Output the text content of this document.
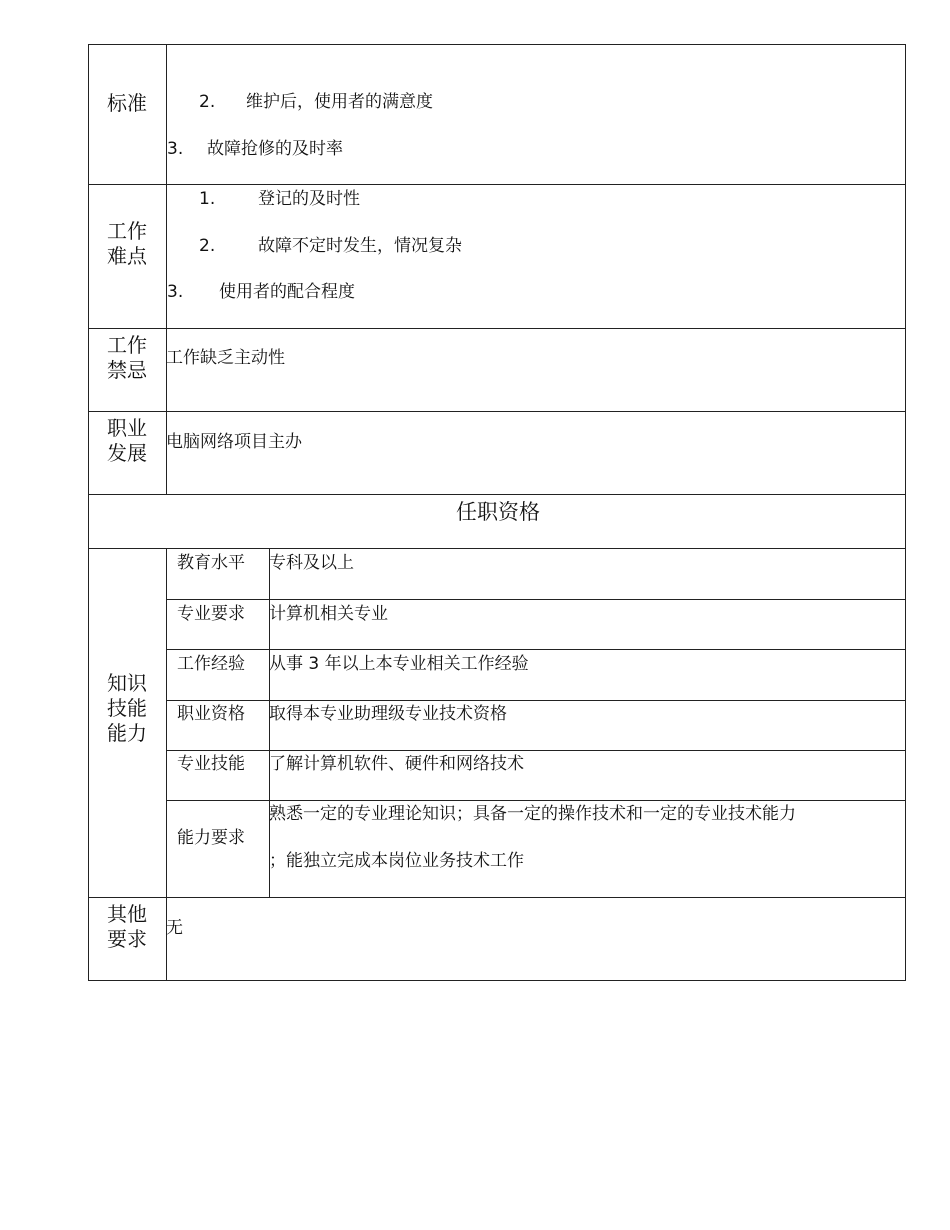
标准	2. 维护后，使用者的满意度
3. 故障抢修的及时率
工作
难点
1.	登记的及时性
2.	故障不定时发生，情况复杂
3. 使用者的配合程度
工作
禁忌	工作缺乏主动性
职业
发展	电脑网络项目主办
任职资格
知识
技能
能力
教育水平 专科及以上
专业要求 计算机相关专业
工作经验 从事 3 年以上本专业相关工作经验
职业资格 取得本专业助理级专业技术资格
专业技能 了解计算机软件、硬件和网络技术
能力要求
熟悉一定的专业理论知识；具备一定的操作技术和一定的专业技术能力
；能独立完成本岗位业务技术工作
其他
要求	无
